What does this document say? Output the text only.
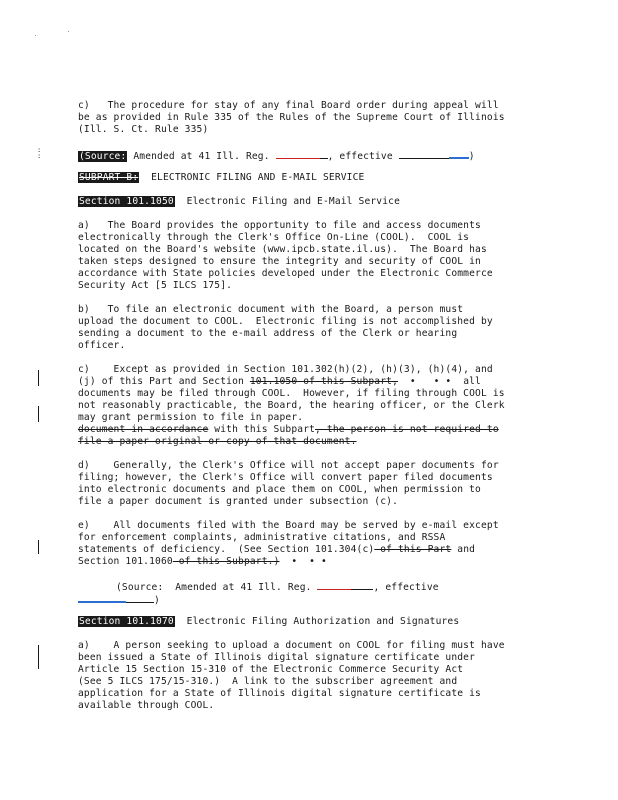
:
:
c)   The procedure for stay of any final Board order during appeal will
be as provided in Rule 335 of the Rules of the Supreme Court of Illinois
(Ill. S. Ct. Rule 335)
(Source: Amended at 41 Ill. Reg.	, effective	)
SUBPART B:  ELECTRONIC FILING AND E-MAIL SERVICE
Section 101.1050  Electronic Filing and E-Mail Service
a)   The Board provides the opportunity to file and access documents
electronically through the Clerk's Office On-Line (COOL).  COOL is
located on the Board's website (www.ipcb.state.il.us).  The Board has
taken steps designed to ensure the integrity and security of COOL in
accordance with State policies developed under the Electronic Commerce
Security Act [5 ILCS 175].
b)   To file an electronic document with the Board, a person must
upload the document to COOL.  Electronic filing is not accomplished by
sending a document to the e-mail address of the Clerk or hearing
officer.
c)    Except as provided in Section 101.302(h)(2), (h)(3), (h)(4), and
(j) of this Part and Section 101.1050 of this Subpart,  •   • •  all
documents may be filed through COOL.  However, if filing through COOL is
not reasonably practicable, the Board, the hearing officer, or the Clerk
may grant permission to file in paper.
document in accordance with this Subpart, the person is not required to
file a paper original or copy of that document.
d)    Generally, the Clerk's Office will not accept paper documents for
filing; however, the Clerk's Office will convert paper filed documents
into electronic documents and place them on COOL, when permission to
file a paper document is granted under subsection (c).
e)    All documents filed with the Board may be served by e-mail except
for enforcement complaints, administrative citations, and RSSA
statements of deficiency.  (See Section 101.304(c) of this Part and
Section 101.1060 of this Subpart.)  •  • •
(Source:  Amended at 41 Ill. Reg.	, effective
)
Section 101.1070  Electronic Filing Authorization and Signatures
a)    A person seeking to upload a document on COOL for filing must have
been issued a State of Illinois digital signature certificate under
Article 15 Section 15-310 of the Electronic Commerce Security Act
(See 5 ILCS 175/15-310.)  A link to the subscriber agreement and
application for a State of Illinois digital signature certificate is
available through COOL.
